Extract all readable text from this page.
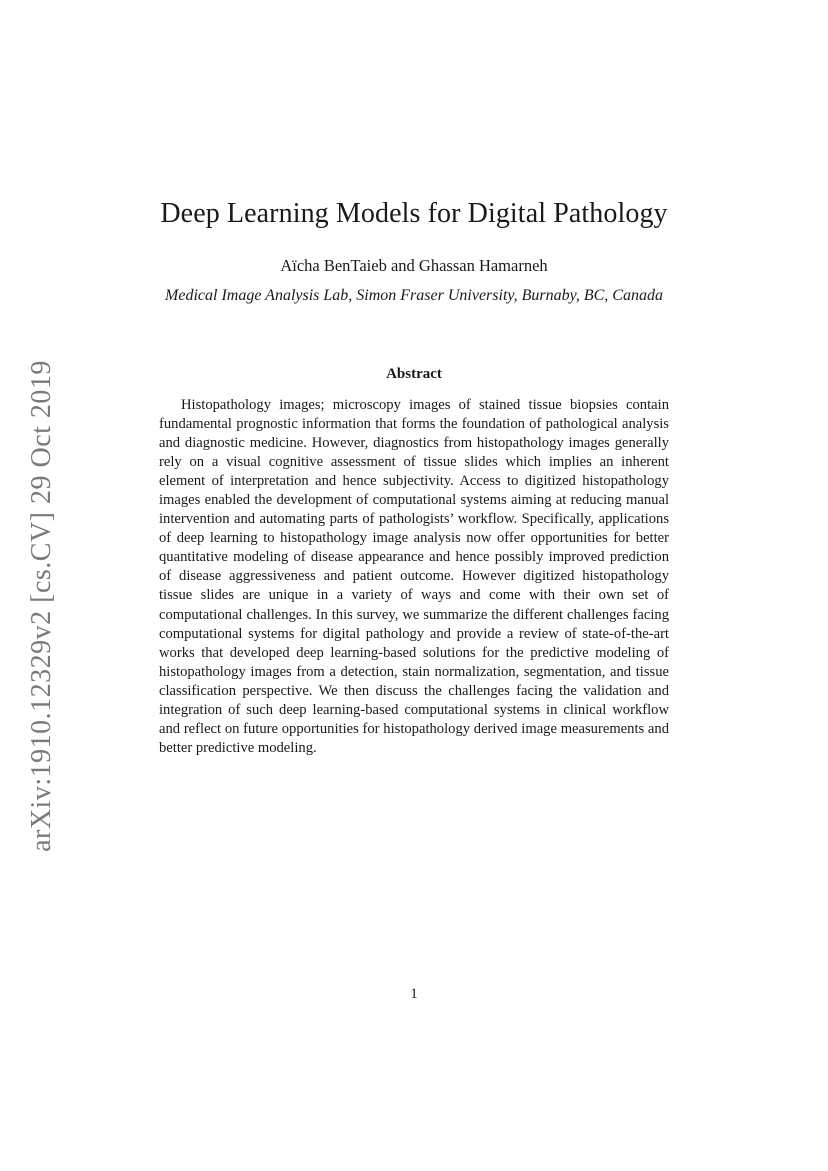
arXiv:1910.12329v2 [cs.CV] 29 Oct 2019
Deep Learning Models for Digital Pathology
Aïcha BenTaieb and Ghassan Hamarneh
Medical Image Analysis Lab, Simon Fraser University, Burnaby, BC, Canada
Abstract

Histopathology images; microscopy images of stained tissue biopsies contain fundamental prognostic information that forms the foundation of pathological analysis and diagnostic medicine. However, diagnostics from histopathology images generally rely on a visual cognitive assessment of tissue slides which implies an inherent element of interpretation and hence subjectivity. Access to digitized histopathology images enabled the development of computational systems aiming at reducing manual intervention and automating parts of pathologists’ workflow. Specifically, applications of deep learning to histopathology image analysis now offer opportunities for better quantitative modeling of disease appearance and hence possibly improved prediction of disease aggressiveness and patient outcome. However digitized histopathology tissue slides are unique in a variety of ways and come with their own set of computational challenges. In this survey, we summarize the different challenges facing computational systems for digital pathology and provide a review of state-of-the-art works that developed deep learning-based solutions for the predictive modeling of histopathology images from a detection, stain normalization, segmentation, and tissue classification perspective. We then discuss the challenges facing the validation and integration of such deep learning-based computational systems in clinical workflow and reflect on future opportunities for histopathology derived image measurements and better predictive modeling.

1
